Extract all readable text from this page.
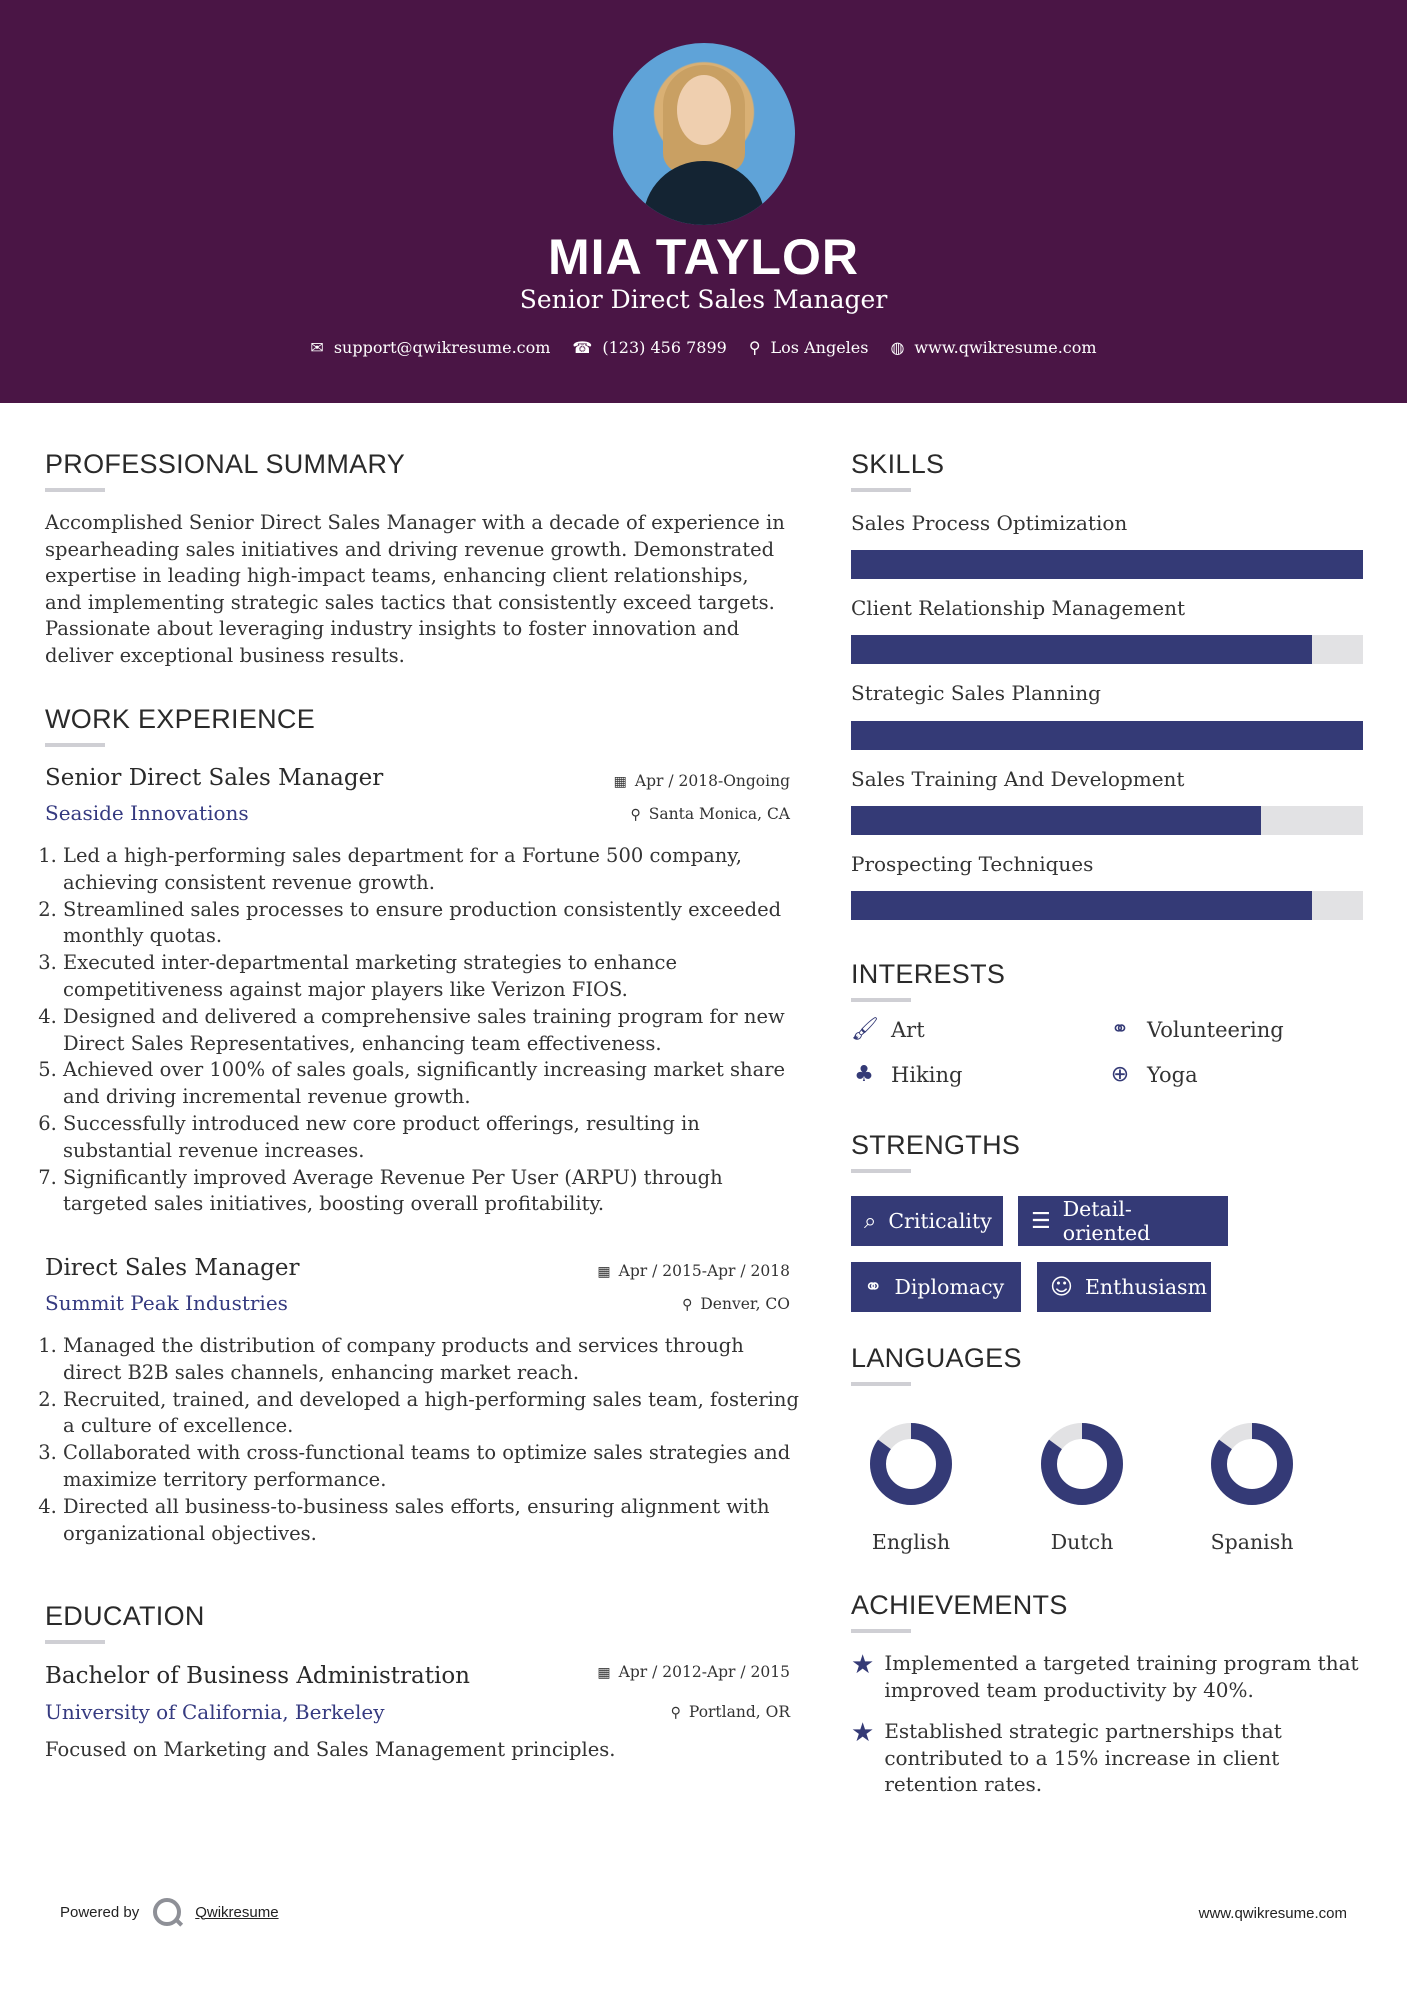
MIA TAYLOR
Senior Direct Sales Manager
✉ support@qwikresume.com ☎ (123) 456 7899 ⚲ Los Angeles ◍ www.qwikresume.com
PROFESSIONAL SUMMARY
Accomplished Senior Direct Sales Manager with a decade of experience in spearheading sales initiatives and driving revenue growth. Demonstrated expertise in leading high-impact teams, enhancing client relationships, and implementing strategic sales tactics that consistently exceed targets. Passionate about leveraging industry insights to foster innovation and deliver exceptional business results.
WORK EXPERIENCE
Senior Direct Sales Manager
Seaside Innovations
▦ Apr / 2018-Ongoing
⚲ Santa Monica, CA
1. Led a high-performing sales department for a Fortune 500 company, achieving consistent revenue growth.
2. Streamlined sales processes to ensure production consistently exceeded monthly quotas.
3. Executed inter-departmental marketing strategies to enhance competitiveness against major players like Verizon FIOS.
4. Designed and delivered a comprehensive sales training program for new Direct Sales Representatives, enhancing team effectiveness.
5. Achieved over 100% of sales goals, significantly increasing market share and driving incremental revenue growth.
6. Successfully introduced new core product offerings, resulting in substantial revenue increases.
7. Significantly improved Average Revenue Per User (ARPU) through targeted sales initiatives, boosting overall profitability.
Direct Sales Manager
Summit Peak Industries
▦ Apr / 2015-Apr / 2018
⚲ Denver, CO
1. Managed the distribution of company products and services through direct B2B sales channels, enhancing market reach.
2. Recruited, trained, and developed a high-performing sales team, fostering a culture of excellence.
3. Collaborated with cross-functional teams to optimize sales strategies and maximize territory performance.
4. Directed all business-to-business sales efforts, ensuring alignment with organizational objectives.
EDUCATION
Bachelor of Business Administration
University of California, Berkeley
▦ Apr / 2012-Apr / 2015
⚲ Portland, OR
Focused on Marketing and Sales Management principles.
SKILLS
Sales Process Optimization
Client Relationship Management
Strategic Sales Planning
Sales Training And Development
Prospecting Techniques
INTERESTS
🖌 Art	⚭ Volunteering
♣ Hiking	⊕ Yoga
STRENGTHS
⌕ Criticality ☰ Detail-oriented
⚭ Diplomacy ☺ Enthusiasm
LANGUAGES
English	Dutch	Spanish
ACHIEVEMENTS
★ Implemented a targeted training program that improved team productivity by 40%.
★ Established strategic partnerships that contributed to a 15% increase in client retention rates.
Powered by	Qwikresume	www.qwikresume.com
